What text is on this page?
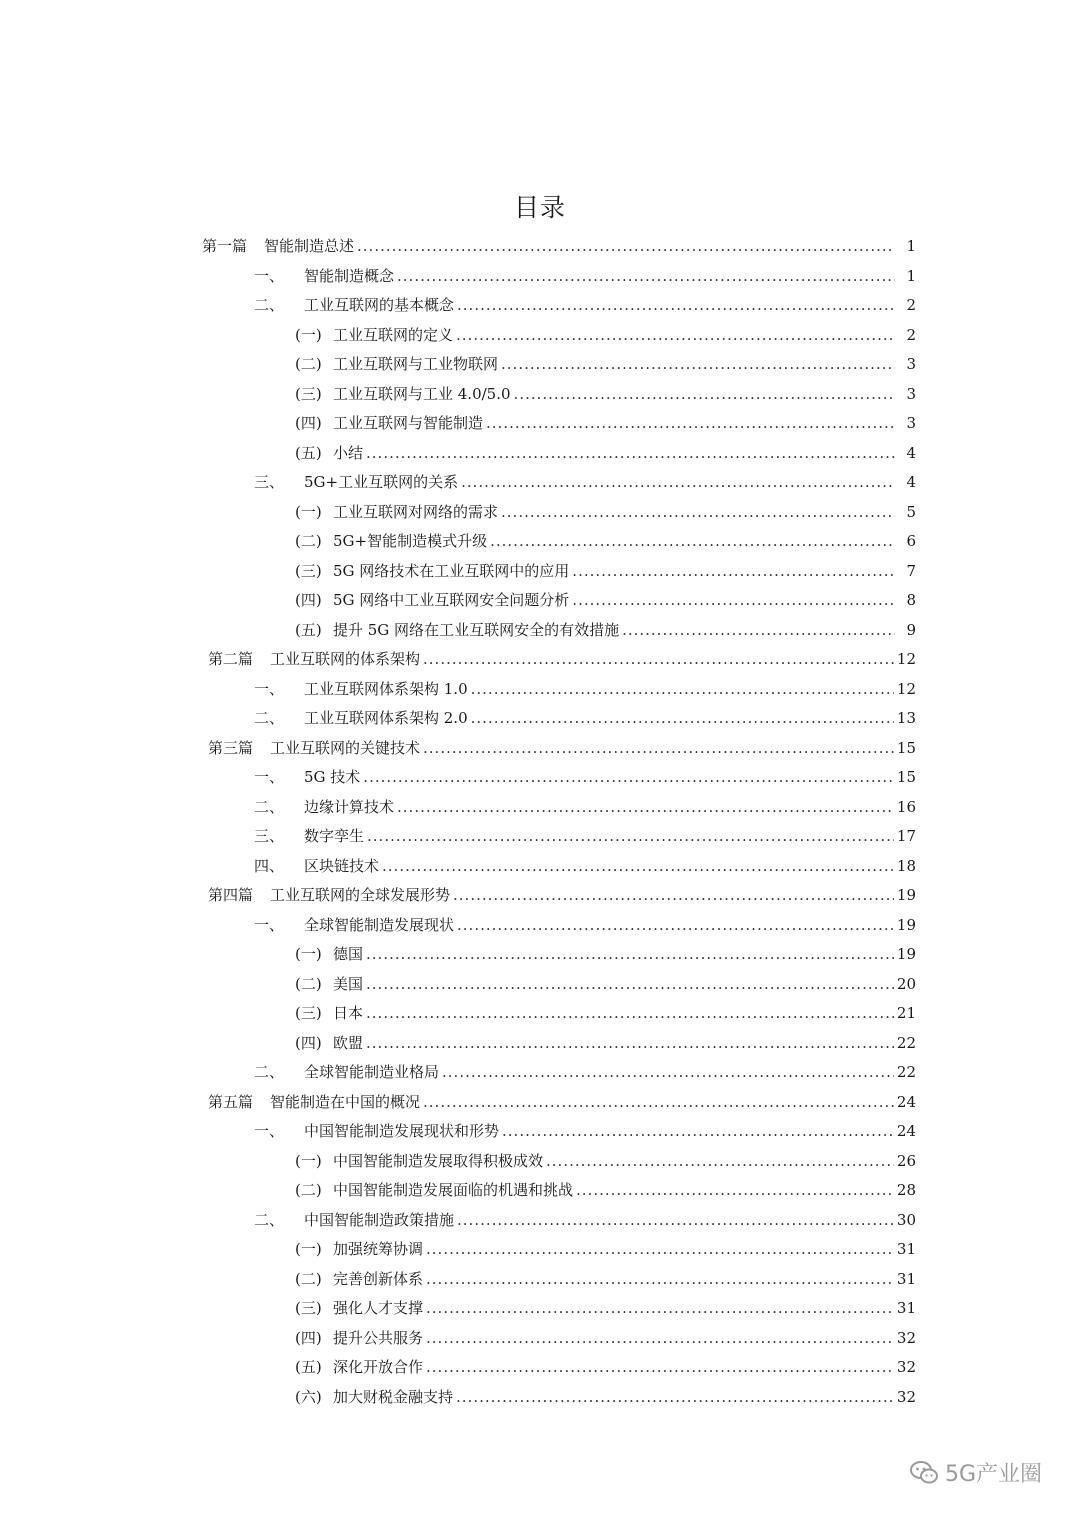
目录
第一篇 智能制造总述 .....	1
一、 智能制造概念 .....	1
二、 工业互联网的基本概念 .....	2
(一) 工业互联网的定义 .....	2
(二) 工业互联网与工业物联网 .....	3
(三) 工业互联网与工业 4.0/5.0 .....	3
(四) 工业互联网与智能制造 .....	3
(五) 小结 .....	4
三、 5G+工业互联网的关系 .....	4
(一) 工业互联网对网络的需求 .....	5
(二) 5G+智能制造模式升级 .....	6
(三) 5G 网络技术在工业互联网中的应用 .....	7
(四) 5G 网络中工业互联网安全问题分析 .....	8
(五) 提升 5G 网络在工业互联网安全的有效措施 .....	9
第二篇 工业互联网的体系架构 .....	12
一、 工业互联网体系架构 1.0 .....	12
二、 工业互联网体系架构 2.0 .....	13
第三篇 工业互联网的关键技术 .....	15
一、 5G 技术 .....	15
二、 边缘计算技术 .....	16
三、 数字孪生 .....	17
四、 区块链技术 .....	18
第四篇 工业互联网的全球发展形势 .....	19
一、 全球智能制造发展现状 .....	19
(一) 德国 .....	19
(二) 美国 .....	20
(三) 日本 .....	21
(四) 欧盟 .....	22
二、 全球智能制造业格局 .....	22
第五篇 智能制造在中国的概况 .....	24
一、 中国智能制造发展现状和形势 .....	24
(一) 中国智能制造发展取得积极成效 .....	26
(二) 中国智能制造发展面临的机遇和挑战 .....	28
二、 中国智能制造政策措施 .....	30
(一) 加强统筹协调 .....	31
(二) 完善创新体系 .....	31
(三) 强化人才支撑 .....	31
(四) 提升公共服务 .....	32
(五) 深化开放合作 .....	32
(六) 加大财税金融支持 .....	32
5G产业圈
